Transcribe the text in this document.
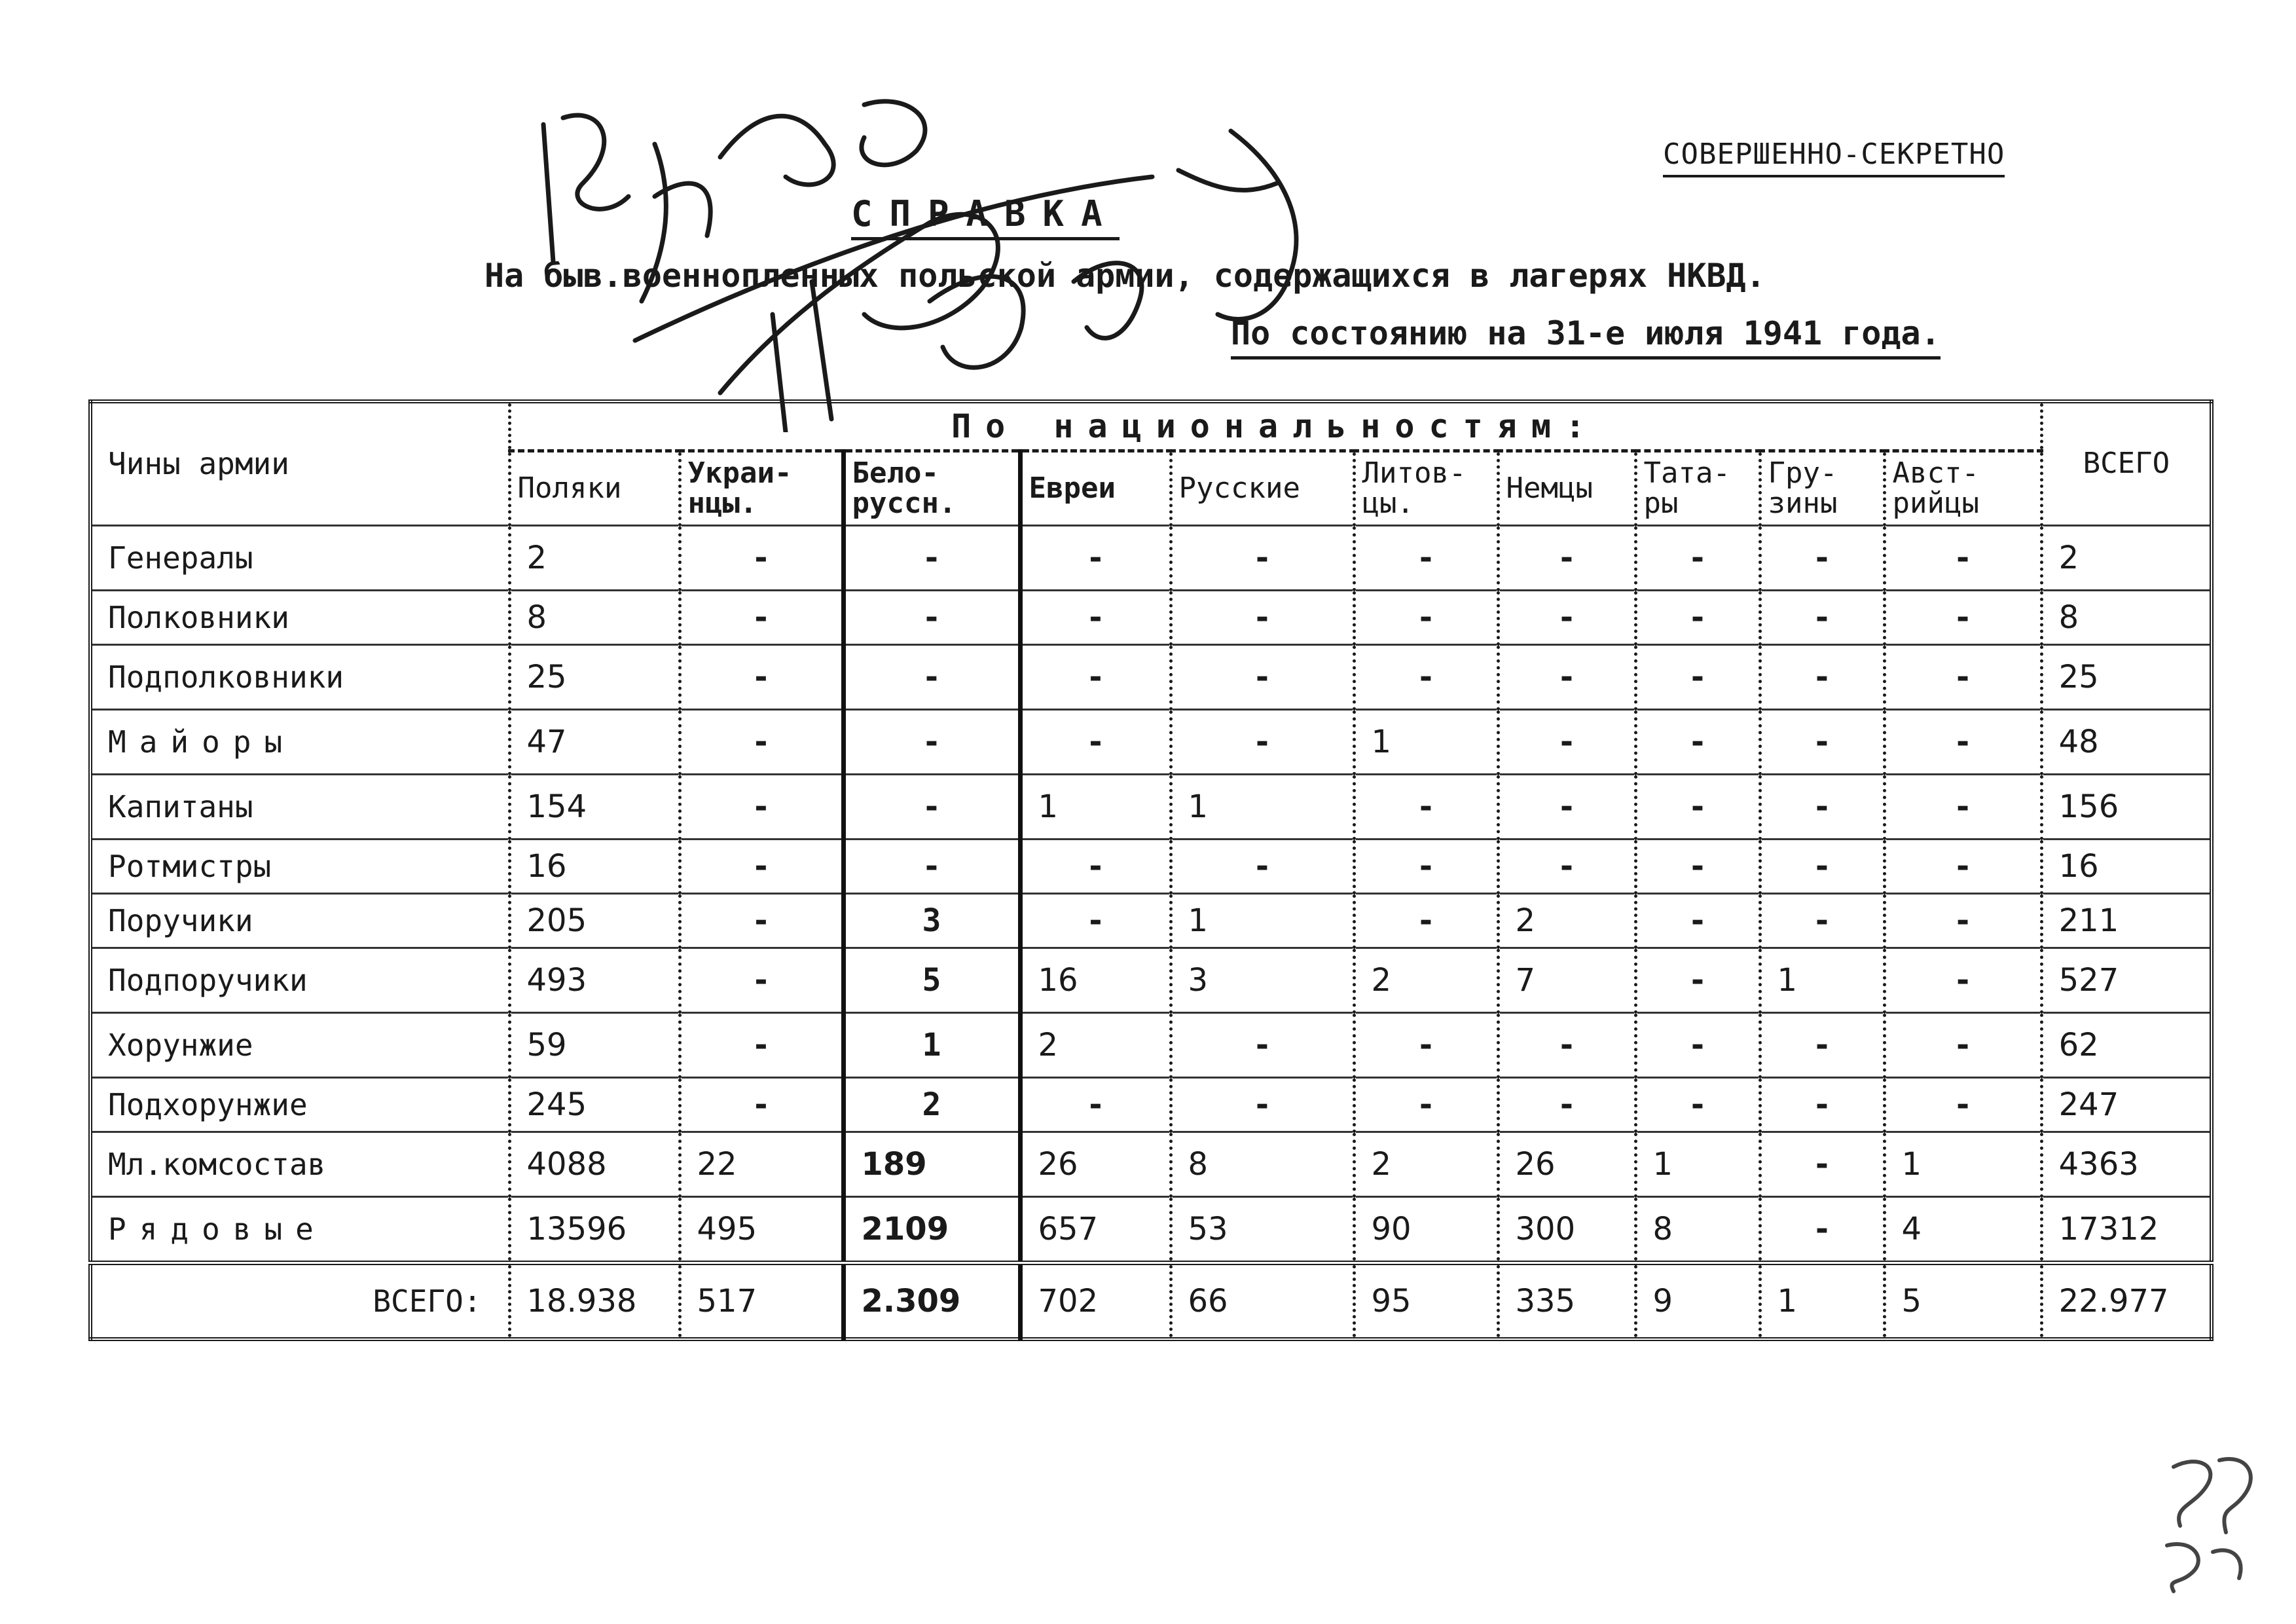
СОВЕРШЕННО-СЕКРЕТНО
СПРАВКА
На быв.военнопленных польской армии, содержащихся в лагерях НКВД.
По состоянию на 31-е июля 1941 года.
Чины армии	По национальностям:										ВСЕГО
	Поляки	Украи-нцы.	Бело-руссн.	Евреи	Русские	Литов-цы.	Немцы	Тата-ры	Гру-зины	Авст-рийцы	
Генералы	2	-	-	-	-	-	-	-	-	-	2
Полковники	8	-	-	-	-	-	-	-	-	-	8
Подполковники	25	-	-	-	-	-	-	-	-	-	25
Майоры	47	-	-	-	-	1	-	-	-	-	48
Капитаны	154	-	-	1	1	-	-	-	-	-	156
Ротмистры	16	-	-	-	-	-	-	-	-	-	16
Поручики	205	-	3	-	1	-	2	-	-	-	211
Подпоручики	493	-	5	16	3	2	7	-	1	-	527
Хорунжие	59	-	1	2	-	-	-	-	-	-	62
Подхорунжие	245	-	2	-	-	-	-	-	-	-	247
Мл.комсостав	4088	22	189	26	8	2	26	1	-	1	4363
Рядовые	13596	495	2109	657	53	90	300	8	-	4	17312
ВСЕГО:	18.938	517	2.309	702	66	95	335	9	1	5	22.977
